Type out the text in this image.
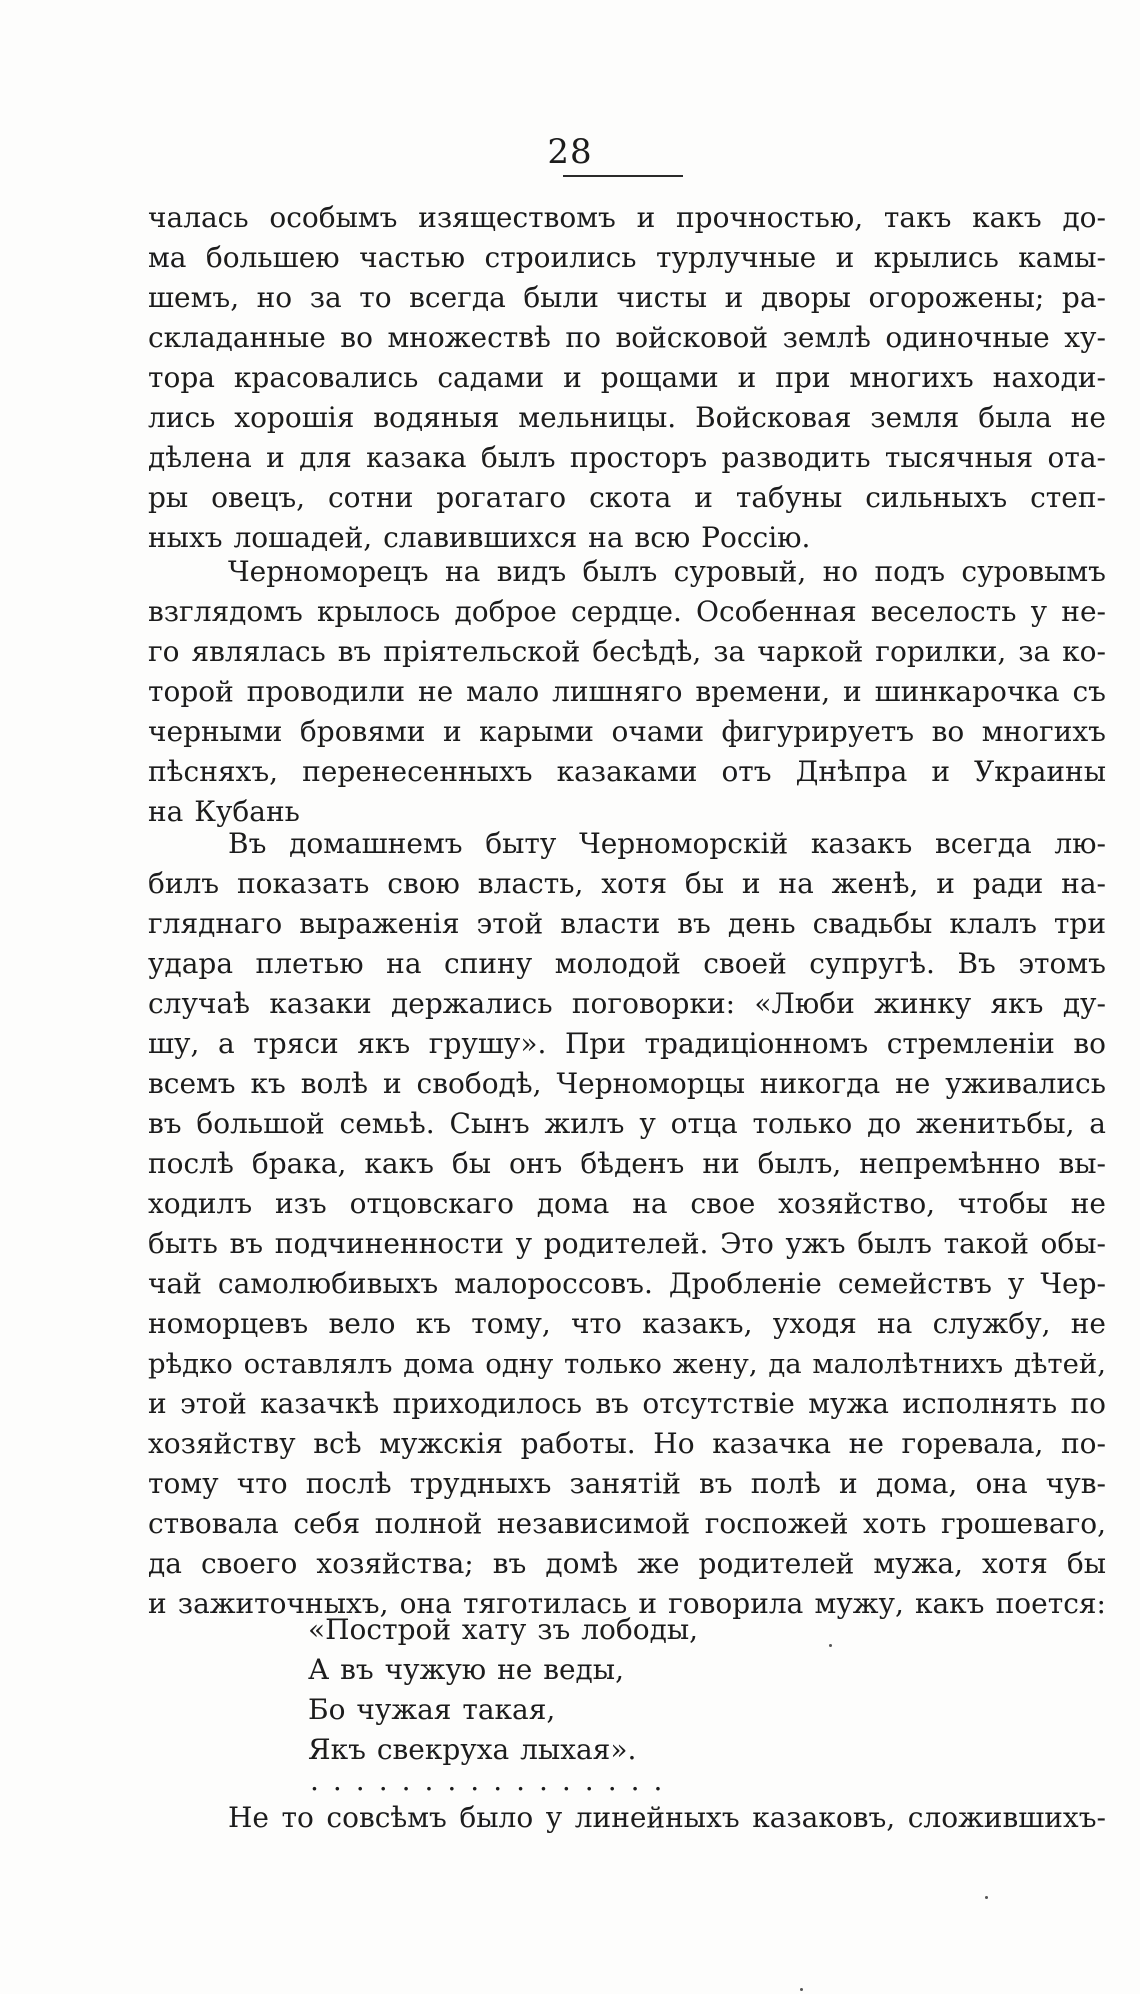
28
чалась особымъ изяществомъ и прочностью, такъ какъ до-
ма большею частью строились турлучные и крылись камы-
шемъ, но за то всегда были чисты и дворы огорожены; ра-
складанные во множествѣ по войсковой землѣ одиночные ху-
тора красовались садами и рощами и при многихъ находи-
лись хорошія водяныя мельницы. Войсковая земля была не
дѣлена и для казака былъ просторъ разводить тысячныя ота-
ры овецъ, сотни рогатаго скота и табуны сильныхъ степ-
ныхъ лошадей, славившихся на всю Россію.
Черноморецъ на видъ былъ суровый, но подъ суровымъ
взглядомъ крылось доброе сердце. Особенная веселость у не-
го являлась въ пріятельской бесѣдѣ, за чаркой горилки, за ко-
торой проводили не мало лишняго времени, и шинкарочка съ
черными бровями и карыми очами фигурируетъ во многихъ
пѣсняхъ, перенесенныхъ казаками отъ Днѣпра и Украины
на Кубань
Въ домашнемъ быту Черноморскій казакъ всегда лю-
билъ показать свою власть, хотя бы и на женѣ, и ради на-
гляднаго выраженія этой власти въ день свадьбы клалъ три
удара плетью на спину молодой своей супругѣ. Въ этомъ
случаѣ казаки держались поговорки: «Люби жинку якъ ду-
шу, а тряси якъ грушу». При традиціонномъ стремленіи во
всемъ къ волѣ и свободѣ, Черноморцы никогда не уживались
въ большой семьѣ. Сынъ жилъ у отца только до женитьбы, а
послѣ брака, какъ бы онъ бѣденъ ни былъ, непремѣнно вы-
ходилъ изъ отцовскаго дома на свое хозяйство, чтобы не
быть въ подчиненности у родителей. Это ужъ былъ такой обы-
чай самолюбивыхъ малороссовъ. Дробленіе семействъ у Чер-
номорцевъ вело къ тому, что казакъ, уходя на службу, не
рѣдко оставлялъ дома одну только жену, да малолѣтнихъ дѣтей,
и этой казачкѣ приходилось въ отсутствіе мужа исполнять по
хозяйству всѣ мужскія работы. Но казачка не горевала, по-
тому что послѣ трудныхъ занятій въ полѣ и дома, она чув-
ствовала себя полной независимой госпожей хоть грошеваго,
да своего хозяйства; въ домѣ же родителей мужа, хотя бы
и зажиточныхъ, она тяготилась и говорила мужу, какъ поется:
«Построй хату зъ лободы,
А въ чужую не веды,
Бо чужая такая,
Якъ свекруха лыхая».
................
Не то совсѣмъ было у линейныхъ казаковъ, сложившихъ-
